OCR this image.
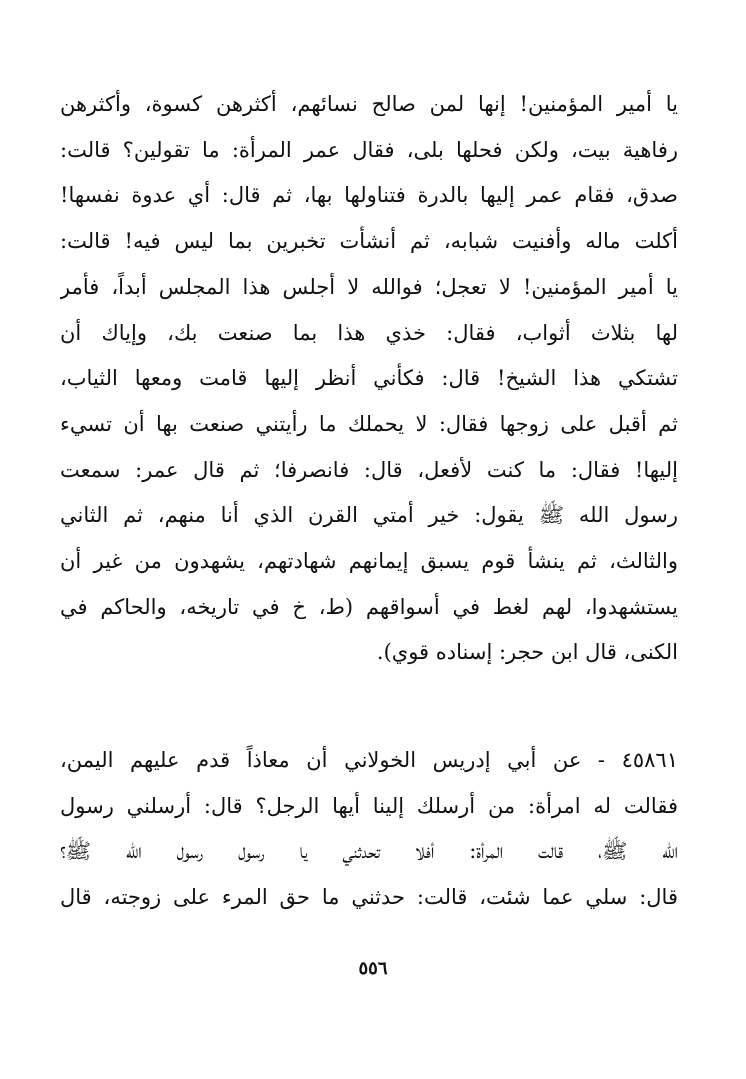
يا أمير المؤمنين! إنها لمن صالح نسائهم، أكثرهن كسوة، وأكثرهن
رفاهية بيت، ولكن فحلها بلى، فقال عمر المرأة: ما تقولين؟ قالت:
صدق، فقام عمر إليها بالدرة فتناولها بها، ثم قال: أي عدوة نفسها!
أكلت ماله وأفنيت شبابه، ثم أنشأت تخبرين بما ليس فيه! قالت:
يا أمير المؤمنين! لا تعجل؛ فوالله لا أجلس هذا المجلس أبداً، فأمر
لها بثلاث أثواب، فقال: خذي هذا بما صنعت بك، وإياك أن
تشتكي هذا الشيخ! قال: فكأني أنظر إليها قامت ومعها الثياب،
ثم أقبل على زوجها فقال: لا يحملك ما رأيتني صنعت بها أن تسيء
إليها! فقال: ما كنت لأفعل، قال: فانصرفا؛ ثم قال عمر: سمعت
رسول الله ﷺ يقول: خير أمتي القرن الذي أنا منهم، ثم الثاني
والثالث، ثم ينشأ قوم يسبق إيمانهم شهادتهم، يشهدون من غير أن
يستشهدوا، لهم لغط في أسواقهم (ط، خ في تاريخه، والحاكم في
الكنى، قال ابن حجر: إسناده قوي).
٤٥٨٦١ - عن أبي إدريس الخولاني أن معاذاً قدم عليهم اليمن،
فقالت له امرأة: من أرسلك إلينا أيها الرجل؟ قال: أرسلني رسول
الله ﷺ، قالت المرأة: أفلا تحدثني يا رسول رسول الله ﷺ؟
قال: سلي عما شئت، قالت: حدثني ما حق المرء على زوجته، قال
٥٥٦
